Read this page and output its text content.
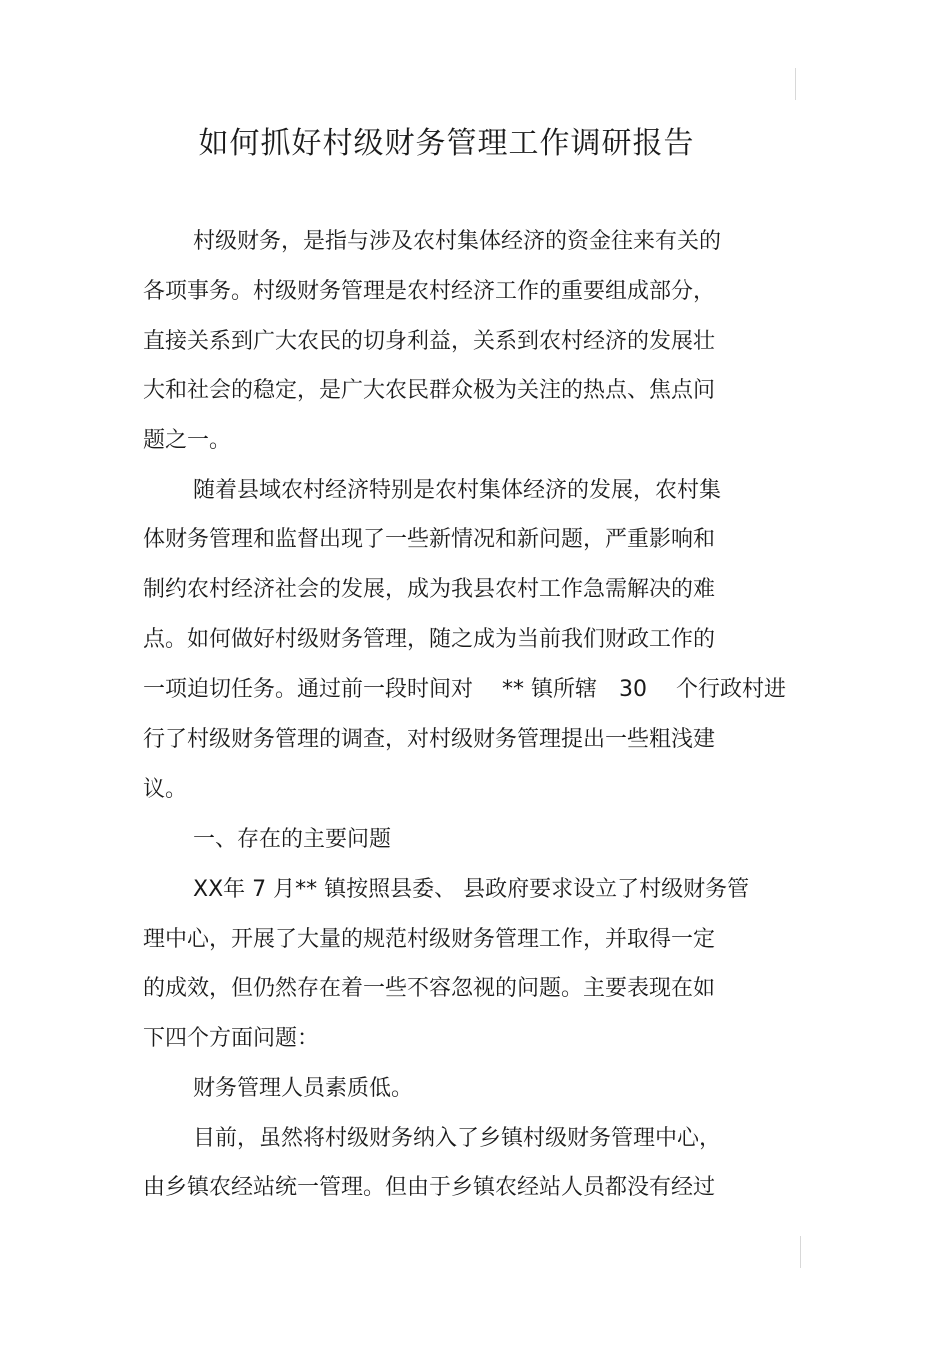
如何抓好村级财务管理工作调研报告
村级财务，是指与涉及农村集体经济的资金往来有关的
各项事务。村级财务管理是农村经济工作的重要组成部分，
直接关系到广大农民的切身利益，关系到农村经济的发展壮
大和社会的稳定，是广大农民群众极为关注的热点、焦点问
题之一。
随着县域农村经济特别是农村集体经济的发展，农村集
体财务管理和监督出现了一些新情况和新问题，严重影响和
制约农村经济社会的发展，成为我县农村工作急需解决的难
点。如何做好村级财务管理，随之成为当前我们财政工作的
一项迫切任务。通过前一段时间对 　** 镇所辖　30 　个行政村进
行了村级财务管理的调查，对村级财务管理提出一些粗浅建
议。
一、存在的主要问题
XX年 7 月** 镇按照县委、 县政府要求设立了村级财务管
理中心，开展了大量的规范村级财务管理工作，并取得一定
的成效，但仍然存在着一些不容忽视的问题。主要表现在如
下四个方面问题：
财务管理人员素质低。
目前，虽然将村级财务纳入了乡镇村级财务管理中心，
由乡镇农经站统一管理。但由于乡镇农经站人员都没有经过
